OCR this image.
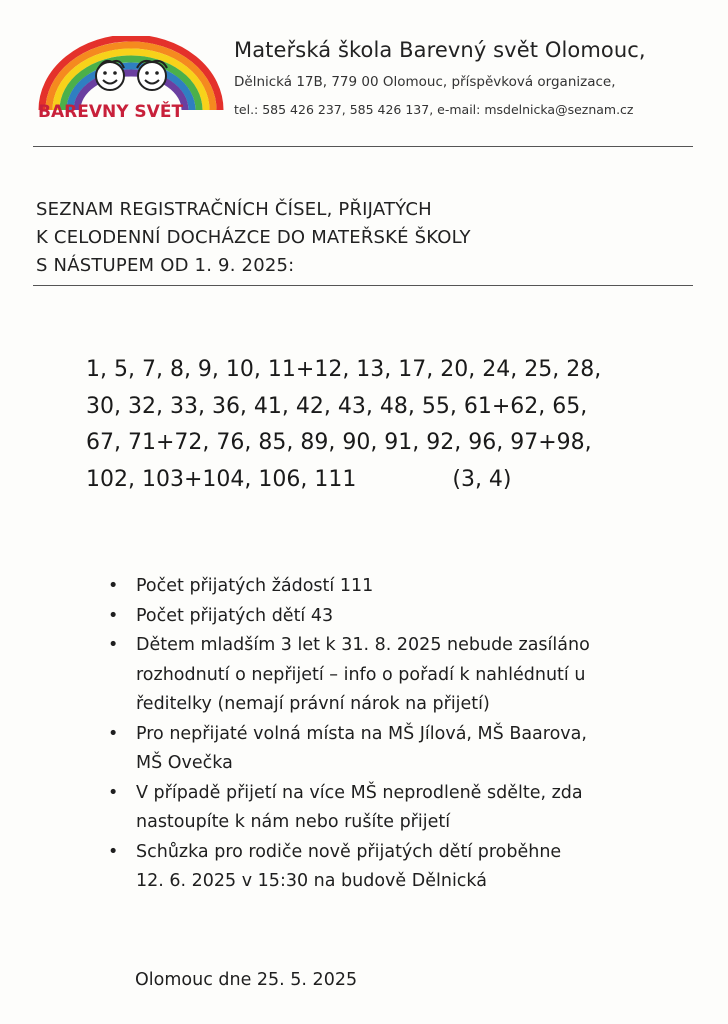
BAREVNY SVĚT
Mateřská škola Barevný svět Olomouc,
Dělnická 17B, 779 00 Olomouc, příspěvková organizace,
tel.: 585 426 237, 585 426 137, e-mail: msdelnicka@seznam.cz
SEZNAM REGISTRAČNÍCH ČÍSEL, PŘIJATÝCH
K CELODENNÍ DOCHÁZCE DO MATEŘSKÉ ŠKOLY
S NÁSTUPEM OD 1. 9. 2025:
1, 5, 7, 8, 9, 10, 11+12, 13, 17, 20, 24, 25, 28,
30, 32, 33, 36, 41, 42, 43, 48, 55, 61+62, 65,
67, 71+72, 76, 85, 89, 90, 91, 92, 96, 97+98,
102, 103+104, 106, 111	(3, 4)
• Počet přijatých žádostí 111
• Počet přijatých dětí 43
• Dětem mladším 3 let k 31. 8. 2025 nebude zasíláno
rozhodnutí o nepřijetí – info o pořadí k nahlédnutí u
ředitelky (nemají právní nárok na přijetí)
• Pro nepřijaté volná místa na MŠ Jílová, MŠ Baarova,
MŠ Ovečka
• V případě přijetí na více MŠ neprodleně sdělte, zda
nastoupíte k nám nebo rušíte přijetí
• Schůzka pro rodiče nově přijatých dětí proběhne
12. 6. 2025 v 15:30 na budově Dělnická
Olomouc dne 25. 5. 2025
